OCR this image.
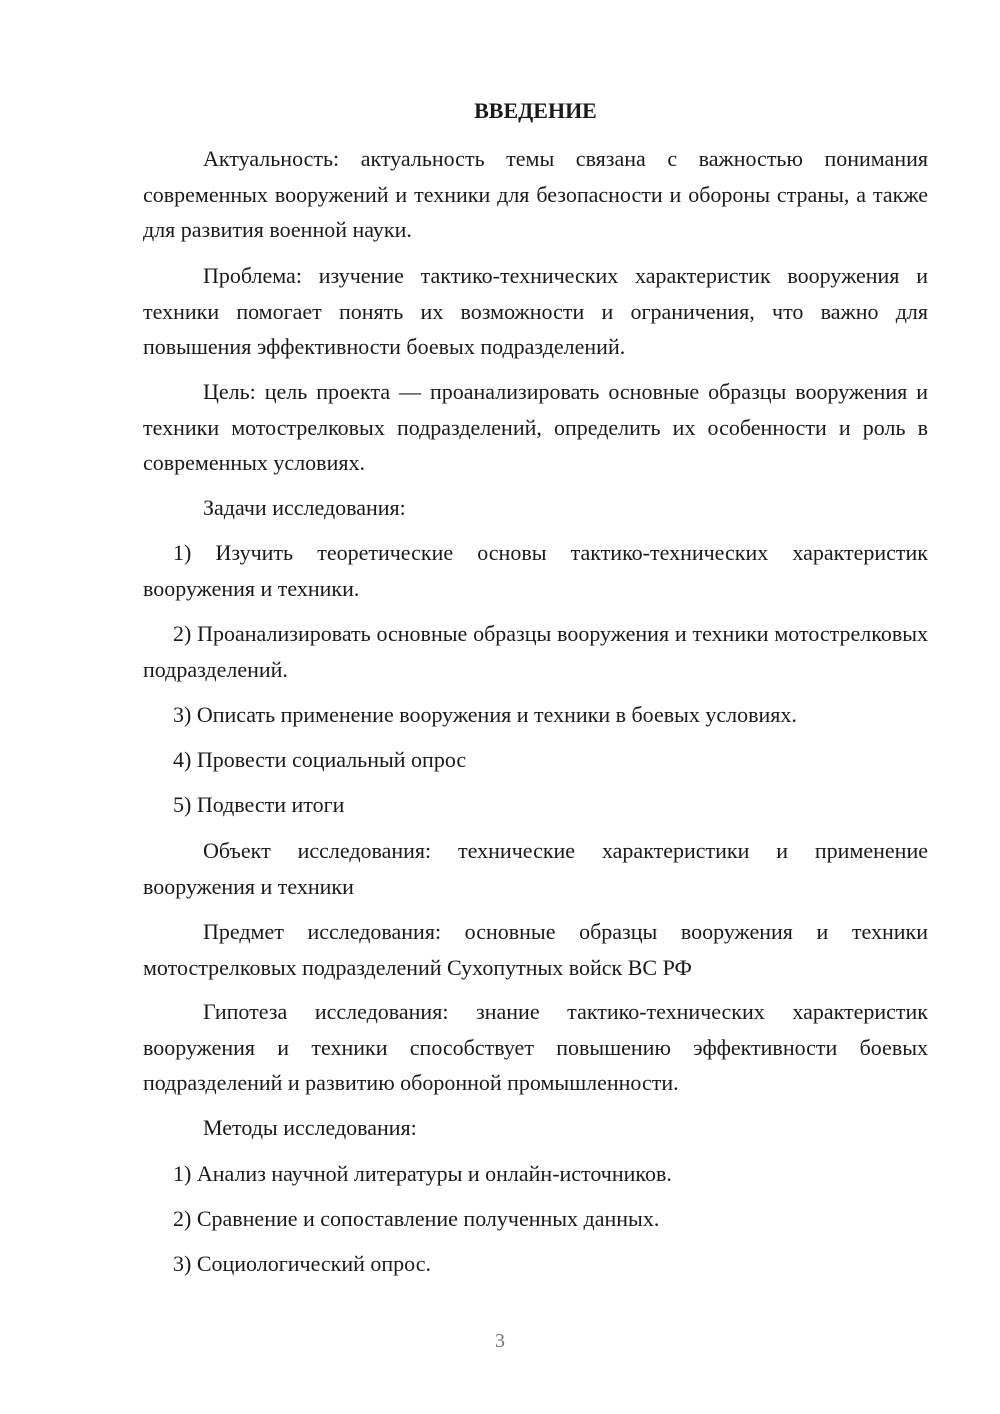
ВВЕДЕНИЕ

Актуальность: актуальность темы связана с важностью понимания современных вооружений и техники для безопасности и обороны страны, а также для развития военной науки.

Проблема: изучение тактико-технических характеристик вооружения и техники помогает понять их возможности и ограничения, что важно для повышения эффективности боевых подразделений.

Цель: цель проекта — проанализировать основные образцы вооружения и техники мотострелковых подразделений, определить их особенности и роль в современных условиях.

Задачи исследования:

1) Изучить теоретические основы тактико-технических характеристик вооружения и техники.

2) Проанализировать основные образцы вооружения и техники мотострелковых подразделений.

3) Описать применение вооружения и техники в боевых условиях.

4) Провести социальный опрос

5) Подвести итоги

Объект исследования: технические характеристики и применение вооружения и техники

Предмет исследования: основные образцы вооружения и техники мотострелковых подразделений Сухопутных войск ВС РФ

Гипотеза исследования: знание тактико-технических характеристик вооружения и техники способствует повышению эффективности боевых подразделений и развитию оборонной промышленности.

Методы исследования:

1) Анализ научной литературы и онлайн-источников.

2) Сравнение и сопоставление полученных данных.

3) Социологический опрос.

3
